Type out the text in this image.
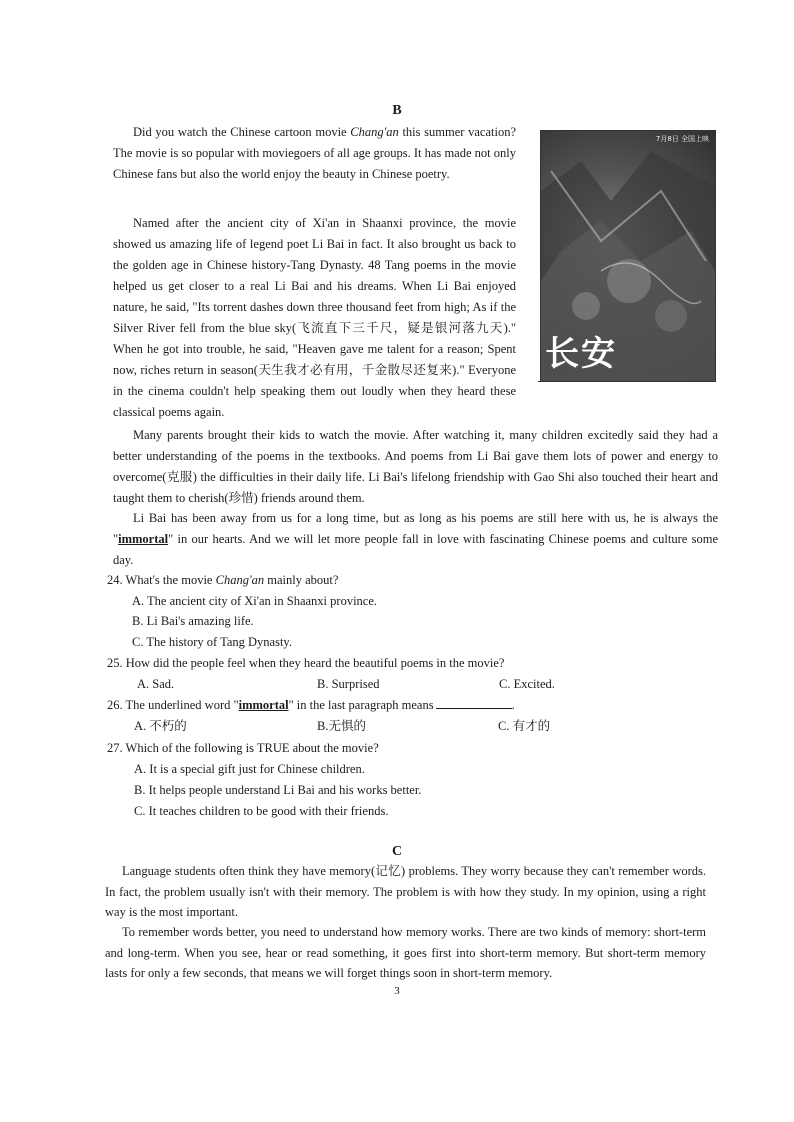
B

Did you watch the Chinese cartoon movie Chang'an this summer vacation? The movie is so popular with moviegoers of all age groups. It has made not only Chinese fans but also the world enjoy the beauty in Chinese poetry.

Named after the ancient city of Xi'an in Shaanxi province, the movie showed us amazing life of legend poet Li Bai in fact. It also brought us back to the golden age in Chinese history-Tang Dynasty. 48 Tang poems in the movie helped us get closer to a real Li Bai and his dreams. When Li Bai enjoyed nature, he said, "Its torrent dashes down three thousand feet from high; As if the Silver River fell from the blue sky(飞流直下三千尺，疑是银河落九天)." When he got into trouble, he said, "Heaven gave me talent for a reason; Spent now, riches return in season(天生我才必有用，千金散尽还复来)." Everyone in the cinema couldn't help speaking them out loudly when they heard these classical poems again.

7月8日 全国上映
长安

Many parents brought their kids to watch the movie. After watching it, many children excitedly said they had a better understanding of the poems in the textbooks. And poems from Li Bai gave them lots of power and energy to overcome(克服) the difficulties in their daily life. Li Bai's lifelong friendship with Gao Shi also touched their heart and taught them to cherish(珍惜) friends around them.

Li Bai has been away from us for a long time, but as long as his poems are still here with us, he is always the "immortal" in our hearts. And we will let more people fall in love with fascinating Chinese poems and culture some day.

24. What's the movie Chang'an mainly about?
A. The ancient city of Xi'an in Shaanxi province.
B. Li Bai's amazing life.
C. The history of Tang Dynasty.
25. How did the people feel when they heard the beautiful poems in the movie?
A. Sad.	B. Surprised	C. Excited.
26. The underlined word "immortal" in the last paragraph means	.
A. 不朽的	B.无惧的	C. 有才的
27. Which of the following is TRUE about the movie?
A. It is a special gift just for Chinese children.
B. It helps people understand Li Bai and his works better.
C. It teaches children to be good with their friends.
C

Language students often think they have memory(记忆) problems. They worry because they can't remember words. In fact, the problem usually isn't with their memory. The problem is with how they study. In my opinion, using a right way is the most important.

To remember words better, you need to understand how memory works. There are two kinds of memory: short-term and long-term. When you see, hear or read something, it goes first into short-term memory. But short-term memory lasts for only a few seconds, that means we will forget things soon in short-term memory.

3
